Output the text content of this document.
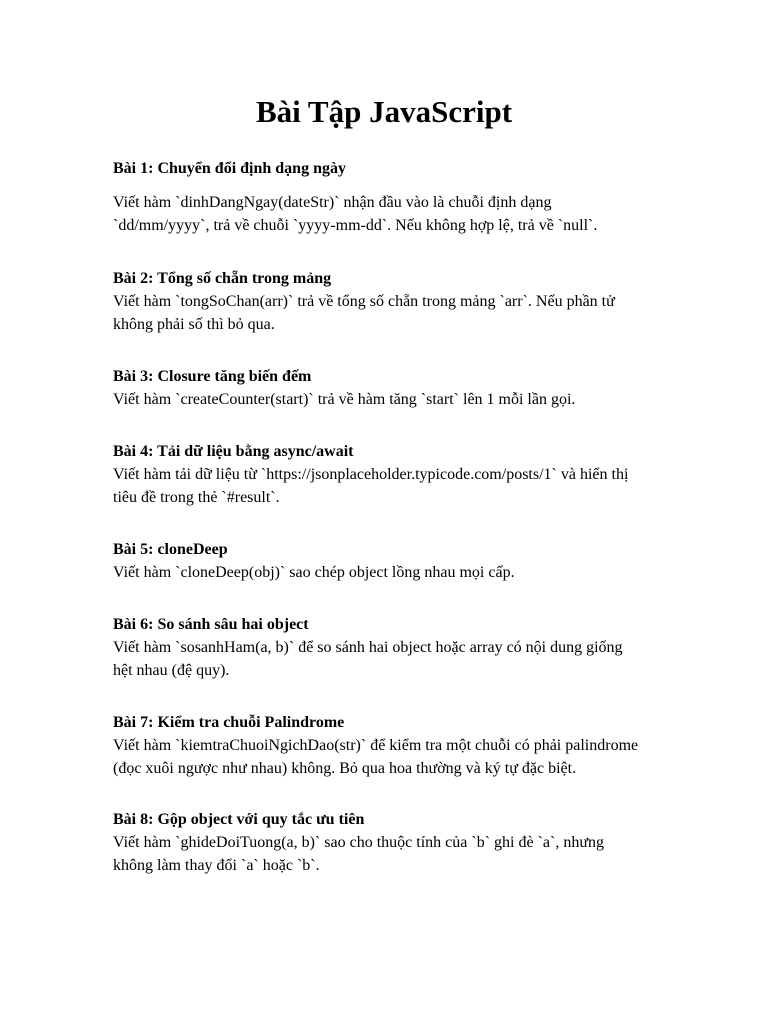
Bài Tập JavaScript

Bài 1: Chuyển đổi định dạng ngày

Viết hàm `dinhDangNgay(dateStr)` nhận đầu vào là chuỗi định dạng

`dd/mm/yyyy`, trả về chuỗi `yyyy-mm-dd`. Nếu không hợp lệ, trả về `null`.

Bài 2: Tổng số chẵn trong mảng

Viết hàm `tongSoChan(arr)` trả về tổng số chẵn trong mảng `arr`. Nếu phần tử

không phải số thì bỏ qua.

Bài 3: Closure tăng biến đếm

Viết hàm `createCounter(start)` trả về hàm tăng `start` lên 1 mỗi lần gọi.

Bài 4: Tải dữ liệu bằng async/await

Viết hàm tải dữ liệu từ `https://jsonplaceholder.typicode.com/posts/1` và hiển thị

tiêu đề trong thẻ `#result`.

Bài 5: cloneDeep

Viết hàm `cloneDeep(obj)` sao chép object lồng nhau mọi cấp.

Bài 6: So sánh sâu hai object

Viết hàm `sosanhHam(a, b)` để so sánh hai object hoặc array có nội dung giống

hệt nhau (đệ quy).

Bài 7: Kiểm tra chuỗi Palindrome

Viết hàm `kiemtraChuoiNgichDao(str)` để kiểm tra một chuỗi có phải palindrome

(đọc xuôi ngược như nhau) không. Bỏ qua hoa thường và ký tự đặc biệt.

Bài 8: Gộp object với quy tắc ưu tiên

Viết hàm `ghideDoiTuong(a, b)` sao cho thuộc tính của `b` ghi đè `a`, nhưng

không làm thay đổi `a` hoặc `b`.
